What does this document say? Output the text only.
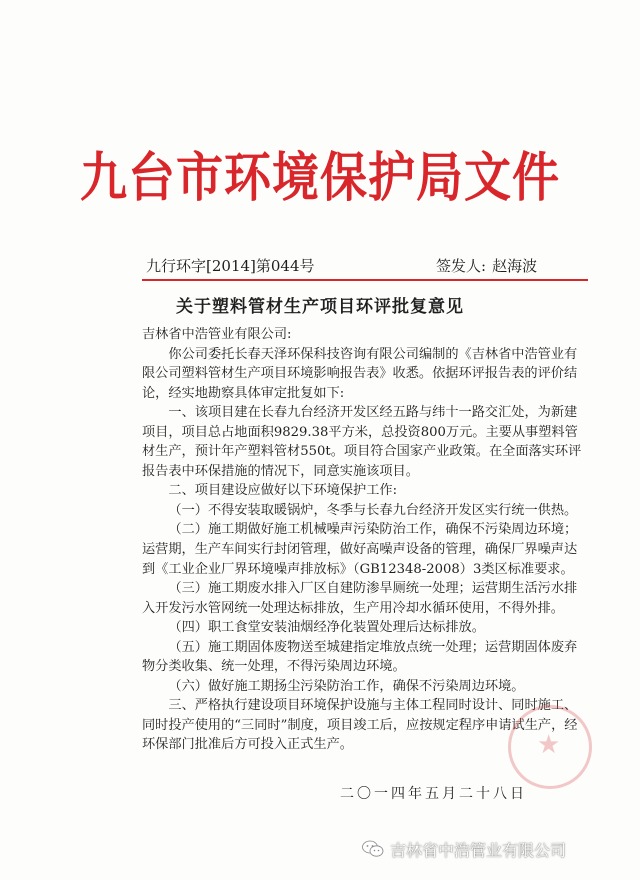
九台市环境保护局文件
九行环字[2014]第044号	签发人: 赵海波
关于塑料管材生产项目环评批复意见

吉林省中浩管业有限公司:

你公司委托长春天泽环保科技咨询有限公司编制的《吉林省中浩管业有限公司塑料管材生产项目环境影响报告表》收悉。依据环评报告表的评价结论，经实地勘察具体审定批复如下:

一、该项目建在长春九台经济开发区经五路与纬十一路交汇处，为新建项目，项目总占地面积9829.38平方米，总投资800万元。主要从事塑料管材生产，预计年产塑料管材550t。项目符合国家产业政策。在全面落实环评报告表中环保措施的情况下，同意实施该项目。

二、项目建设应做好以下环境保护工作:

（一）不得安装取暖锅炉，冬季与长春九台经济开发区实行统一供热。

（二）施工期做好施工机械噪声污染防治工作，确保不污染周边环境；运营期，生产车间实行封闭管理，做好高噪声设备的管理，确保厂界噪声达到《工业企业厂界环境噪声排放标》（GB12348-2008）3类区标准要求。

（三）施工期废水排入厂区自建防渗旱厕统一处理；运营期生活污水排入开发污水管网统一处理达标排放，生产用冷却水循环使用，不得外排。

（四）职工食堂安装油烟经净化装置处理后达标排放。

（五）施工期固体废物送至城建指定堆放点统一处理；运营期固体废弃物分类收集、统一处理，不得污染周边环境。

（六）做好施工期扬尘污染防治工作，确保不污染周边环境。

三、严格执行建设项目环境保护设施与主体工程同时设计、同时施工、同时投产使用的“三同时”制度，项目竣工后，应按规定程序申请试生产，经环保部门批准后方可投入正式生产。	★
二〇一四年五月二十八日
吉林省中浩管业有限公司
